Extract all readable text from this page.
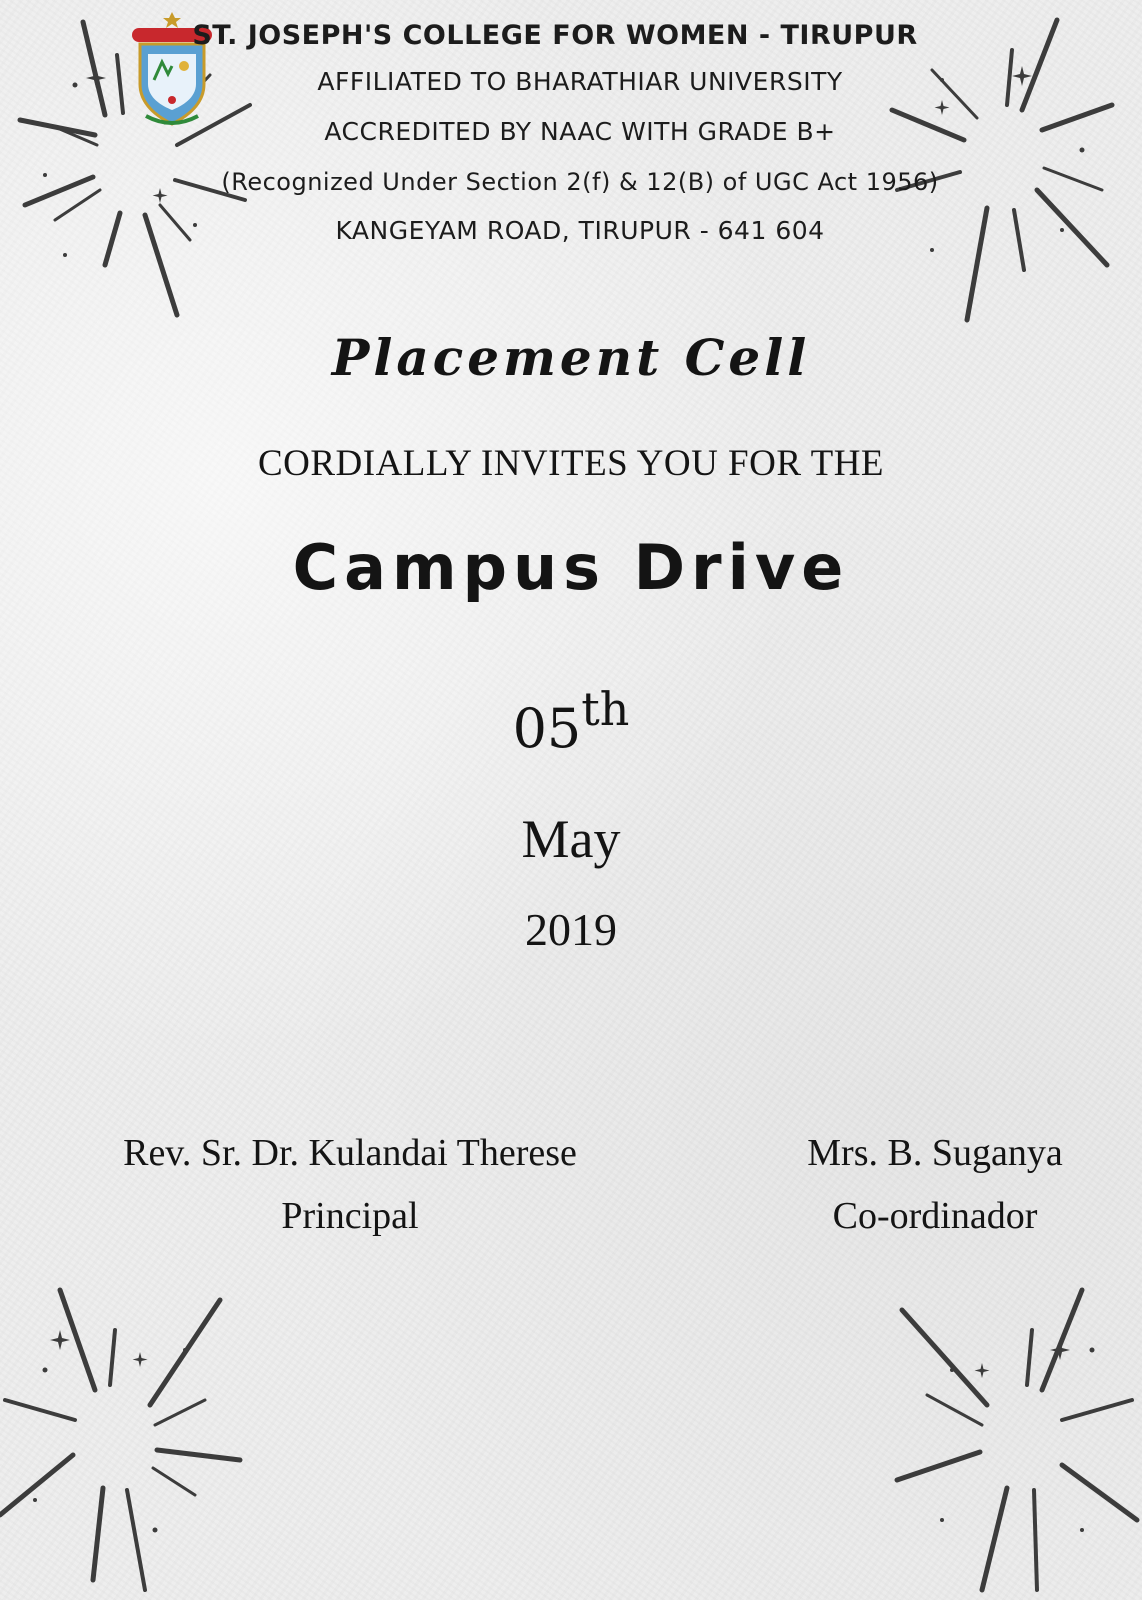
ST. JOSEPH'S COLLEGE FOR WOMEN - TIRUPUR
AFFILIATED TO BHARATHIAR UNIVERSITY
ACCREDITED BY NAAC WITH GRADE B+
(Recognized Under Section 2(f) & 12(B) of UGC Act 1956)
KANGEYAM ROAD, TIRUPUR - 641 604
Placement Cell
CORDIALLY INVITES YOU FOR THE
Campus Drive
05th
May
2019
Rev. Sr. Dr. Kulandai Therese
Principal
Mrs. B. Suganya
Co-ordinador
